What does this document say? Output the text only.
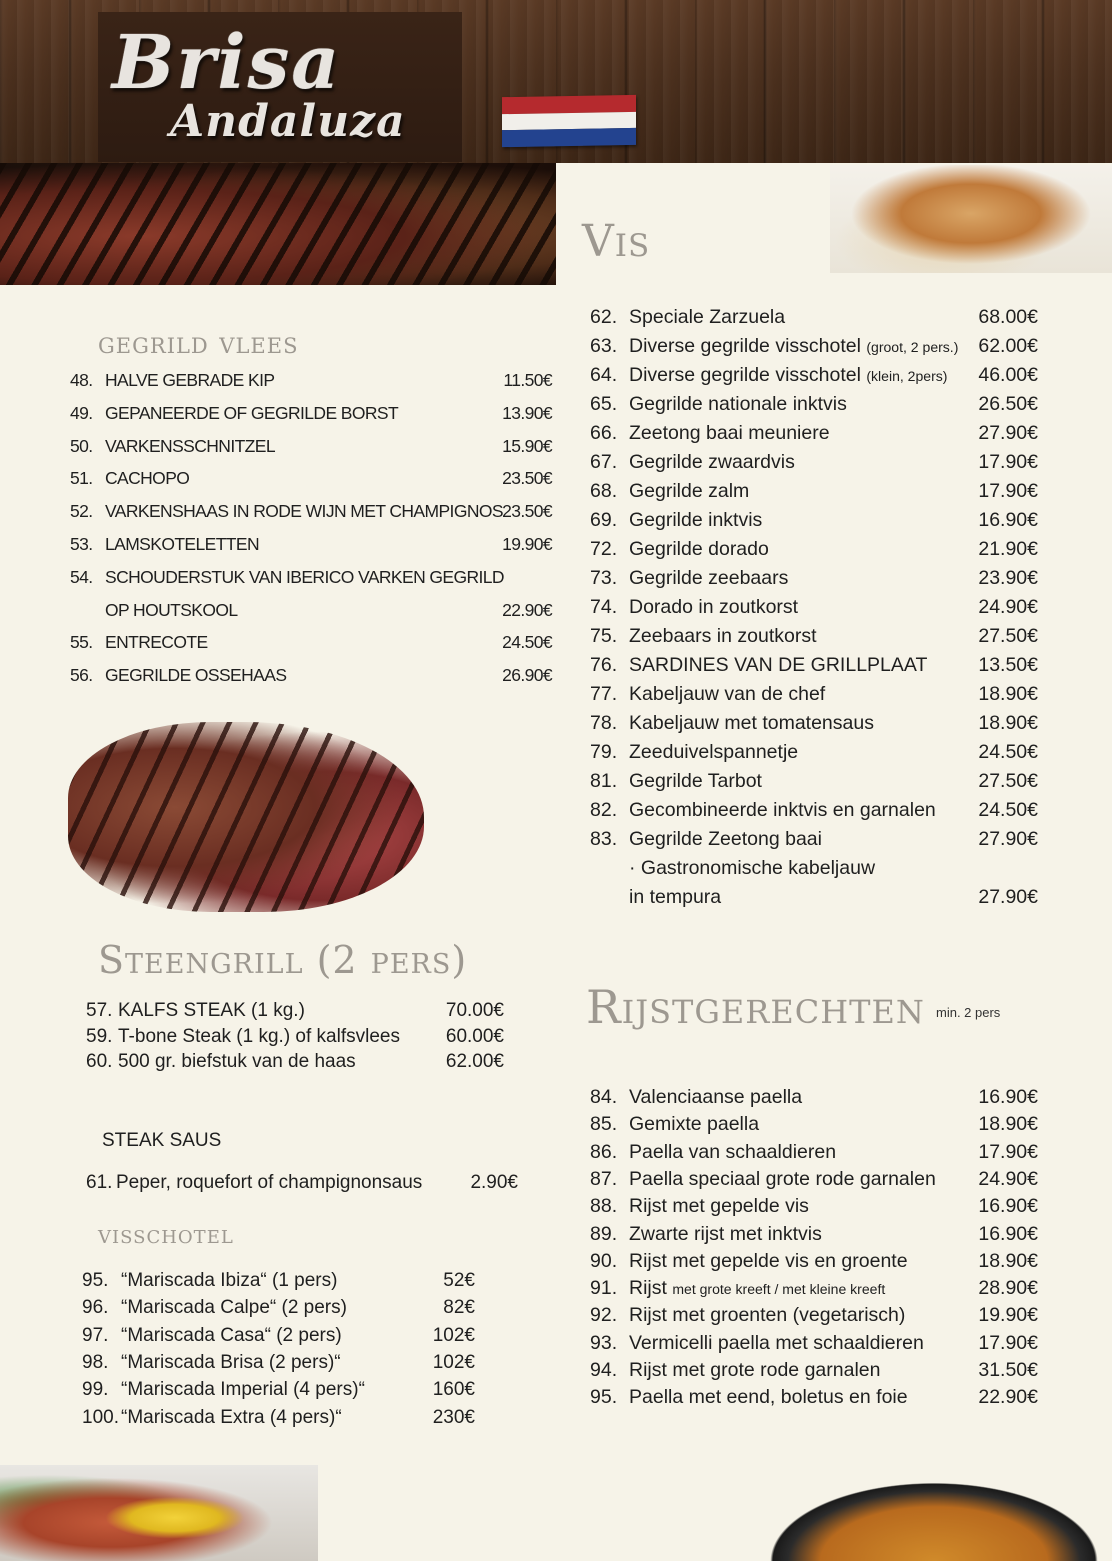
Brisa
Andaluza
gegrild vlees
Steengrill (2 pers)
Vis
Rijstgerechten min. 2 pers
visschotel
STEAK SAUS
48. HALVE GEBRADE KIP	11.50€
49. GEPANEERDE OF GEGRILDE BORST	13.90€
50. VARKENSSCHNITZEL	15.90€
51. CACHOPO	23.50€
52. VARKENSHAAS IN RODE WIJN MET CHAMPIGNOS 23.50€
53. LAMSKOTELETTEN	19.90€
54. SCHOUDERSTUK VAN IBERICO VARKEN GEGRILD
OP HOUTSKOOL	22.90€
55. ENTRECOTE	24.50€
56. GEGRILDE OSSEHAAS	26.90€
57. KALFS STEAK (1 kg.)	70.00€
59. T-bone Steak (1 kg.) of kalfsvlees 60.00€
60. 500 gr. biefstuk van de haas	62.00€
61. Peper, roquefort of champignonsaus	2.90€
95. “Mariscada Ibiza“ (1 pers)	52€
96. “Mariscada Calpe“ (2 pers)	82€
97. “Mariscada Casa“ (2 pers)	102€
98. “Mariscada Brisa (2 pers)“	102€
99. “Mariscada Imperial (4 pers)“	160€
100. “Mariscada Extra (4 pers)“	230€
62. Speciale Zarzuela	68.00€
63. Diverse gegrilde visschotel (groot, 2 pers.) 62.00€
64. Diverse gegrilde visschotel (klein, 2pers) 46.00€
65. Gegrilde nationale inktvis	26.50€
66. Zeetong baai meuniere	27.90€
67. Gegrilde zwaardvis	17.90€
68. Gegrilde zalm	17.90€
69. Gegrilde inktvis	16.90€
72. Gegrilde dorado	21.90€
73. Gegrilde zeebaars	23.90€
74. Dorado in zoutkorst	24.90€
75. Zeebaars in zoutkorst	27.50€
76. SARDINES VAN DE GRILLPLAAT	13.50€
77. Kabeljauw van de chef	18.90€
78. Kabeljauw met tomatensaus	18.90€
79. Zeeduivelspannetje	24.50€
81. Gegrilde Tarbot	27.50€
82. Gecombineerde inktvis en garnalen 24.50€
83. Gegrilde Zeetong baai	27.90€
· Gastronomische kabeljauw
in tempura	27.90€
84. Valenciaanse paella	16.90€
85. Gemixte paella	18.90€
86. Paella van schaaldieren	17.90€
87. Paella speciaal grote rode garnalen 24.90€
88. Rijst met gepelde vis	16.90€
89. Zwarte rijst met inktvis	16.90€
90. Rijst met gepelde vis en groente	18.90€
91. Rijst met grote kreeft / met kleine kreeft	28.90€
92. Rijst met groenten (vegetarisch)	19.90€
93. Vermicelli paella met schaaldieren	17.90€
94. Rijst met grote rode garnalen	31.50€
95. Paella met eend, boletus en foie	22.90€
